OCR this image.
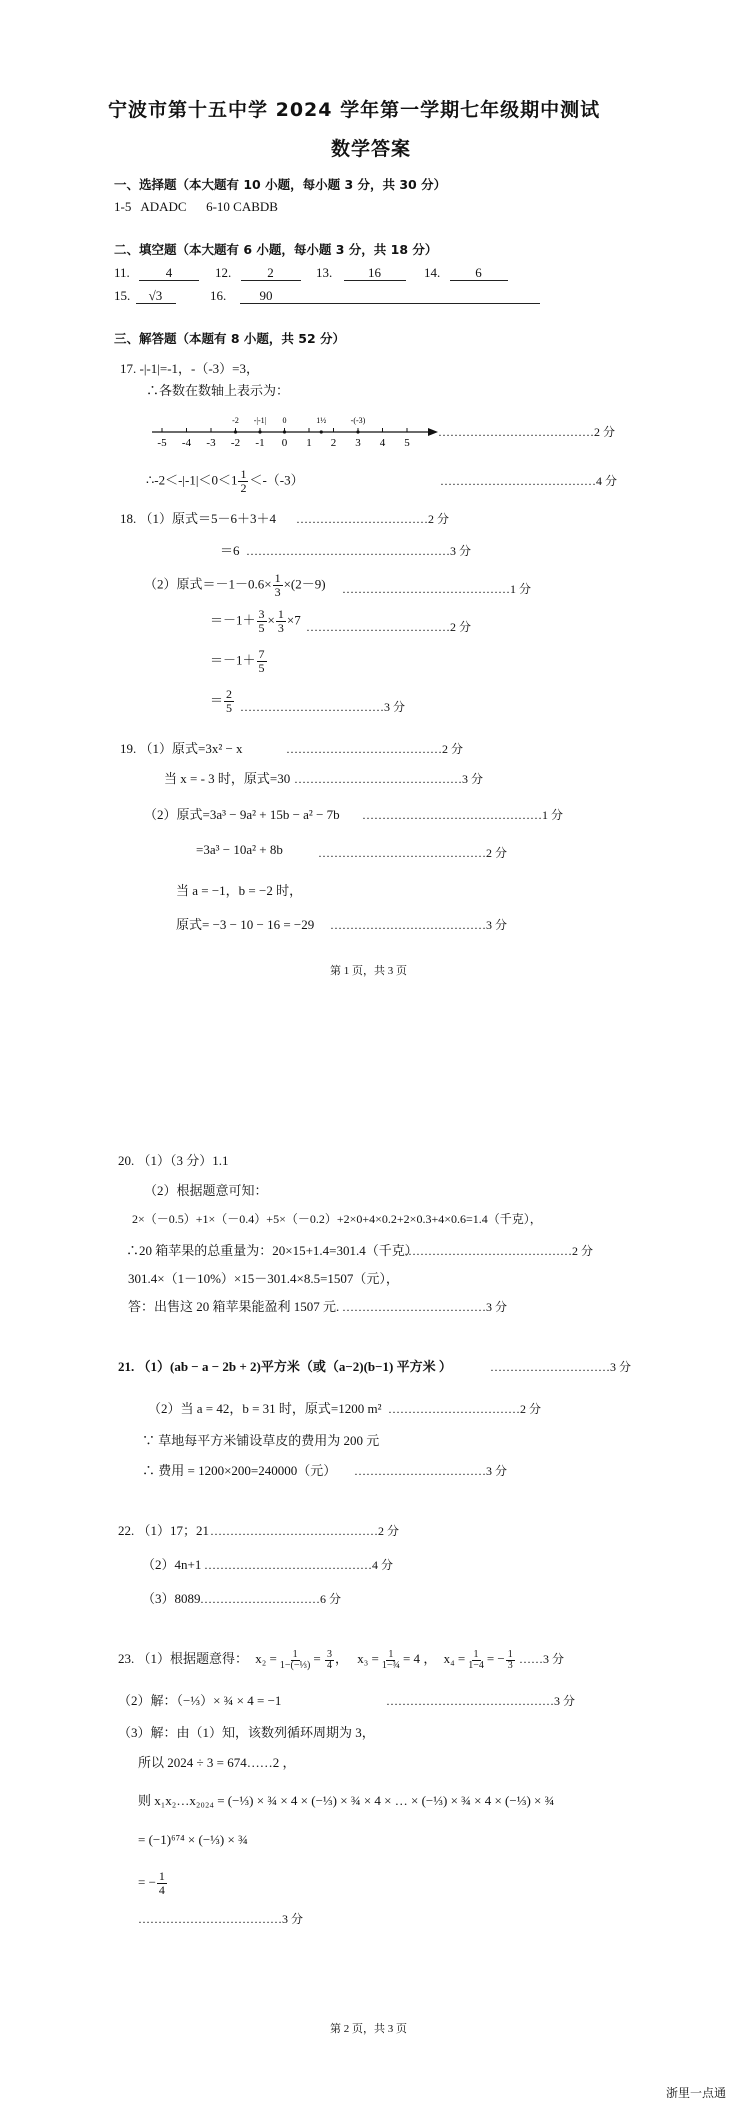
宁波市第十五中学 2024 学年第一学期七年级期中测试
数学答案
一、选择题（本大题有 10 小题，每小题 3 分，共 30 分）
1-5   ADADC      6-10 CABDB
二、填空题（本大题有 6 小题，每小题 3 分，共 18 分）
11.	4	12.	2	13.	16	14.	6
15. √3	16.	90
三、解答题（本题有 8 小题，共 52 分）
17. -|-1|=-1，-（-3）=3，
∴各数在数轴上表示为：
-5 -4 -3 -2 -1 0 1 2 3 4 5
-2 -|-1| 0	1½	-(-3)
…………………………………2 分
∴-2＜-|-1|＜0＜1 $\frac{1}{2} <-(-3)$	…………………………………4 分
18. （1）原式＝5－6＋3＋4 ……………………………2 分
＝6 ……………………………………………3 分
（2）原式$=-1-0.6\times \frac{1}{3} \times(2-9)$ ……………………………………1 分
$=-1+ \frac{3}{5} \times \frac{1}{3} \times 7$ ………………………………2 分
$=-1+ \frac{7}{5}$
＝ $\frac{2}{5}$ ………………………………3 分
19. （1）原式=3x² − x	…………………………………2 分
当 x = - 3 时，原式=30 ……………………………………3 分
（2）原式=3a³ − 9a² + 15b − a² − 7b ………………………………………1 分
=3a³ − 10a² + 8b	……………………………………2 分
当 a = −1，b = −2 时，
原式= −3 − 10 − 16 = −29 …………………………………3 分
第 1 页，共 3 页
20. （1）（3 分）1.1
（2）根据题意可知：
2×（－0.5）+1×（－0.4）+5×（－0.2）+2×0+4×0.2+2×0.3+4×0.6=1.4（千克），
∴20 箱苹果的总重量为：20×15+1.4=301.4（千克）
……………………………………2 分
301.4×（1－10%）×15－301.4×8.5=1507（元），
答：出售这 20 箱苹果能盈利 1507 元. ………………………………3 分
21. （1）(ab − a − 2b + 2)平方米（或（a−2)(b−1) 平方米 ）	…………………………3 分
（2）当 a = 42，b = 31 时，原式=1200 m² ……………………………2 分
∵ 草地每平方米铺设草皮的费用为 200 元
∴ 费用 = 1200×200=240000（元） ……………………………3 分
22. （1）17；21 ……………………………………2 分
（2）4n+1 ……………………………………4 分
（3）8089 …………………………6 分
23. （1）根据题意得： $x_2 = \frac{1}{\text{1−(−⅓)}} = \frac{3}{4}$ ， $x_3 = \frac{1}{\text{1−¾}} = 4$ ， $x_4 = \frac{1}{1-4}$ = − $\frac{1}{3}$ ……3 分
（2）解：（−⅓）× ¾ × 4 = −1	……………………………………3 分
（3）解：由（1）知，该数列循环周期为 3，
所以 2024 ÷ 3 = 674……2 ，
则 x₁x₂…x₂₀₂₄ = (−⅓) × ¾ × 4 × (−⅓) × ¾ × 4 × … × (−⅓) × ¾ × 4 × (−⅓) × ¾
= (−1)⁶⁷⁴ × (−⅓) × ¾
= − $\frac{1}{4}$
………………………………3 分
第 2 页，共 3 页
浙里一点通
